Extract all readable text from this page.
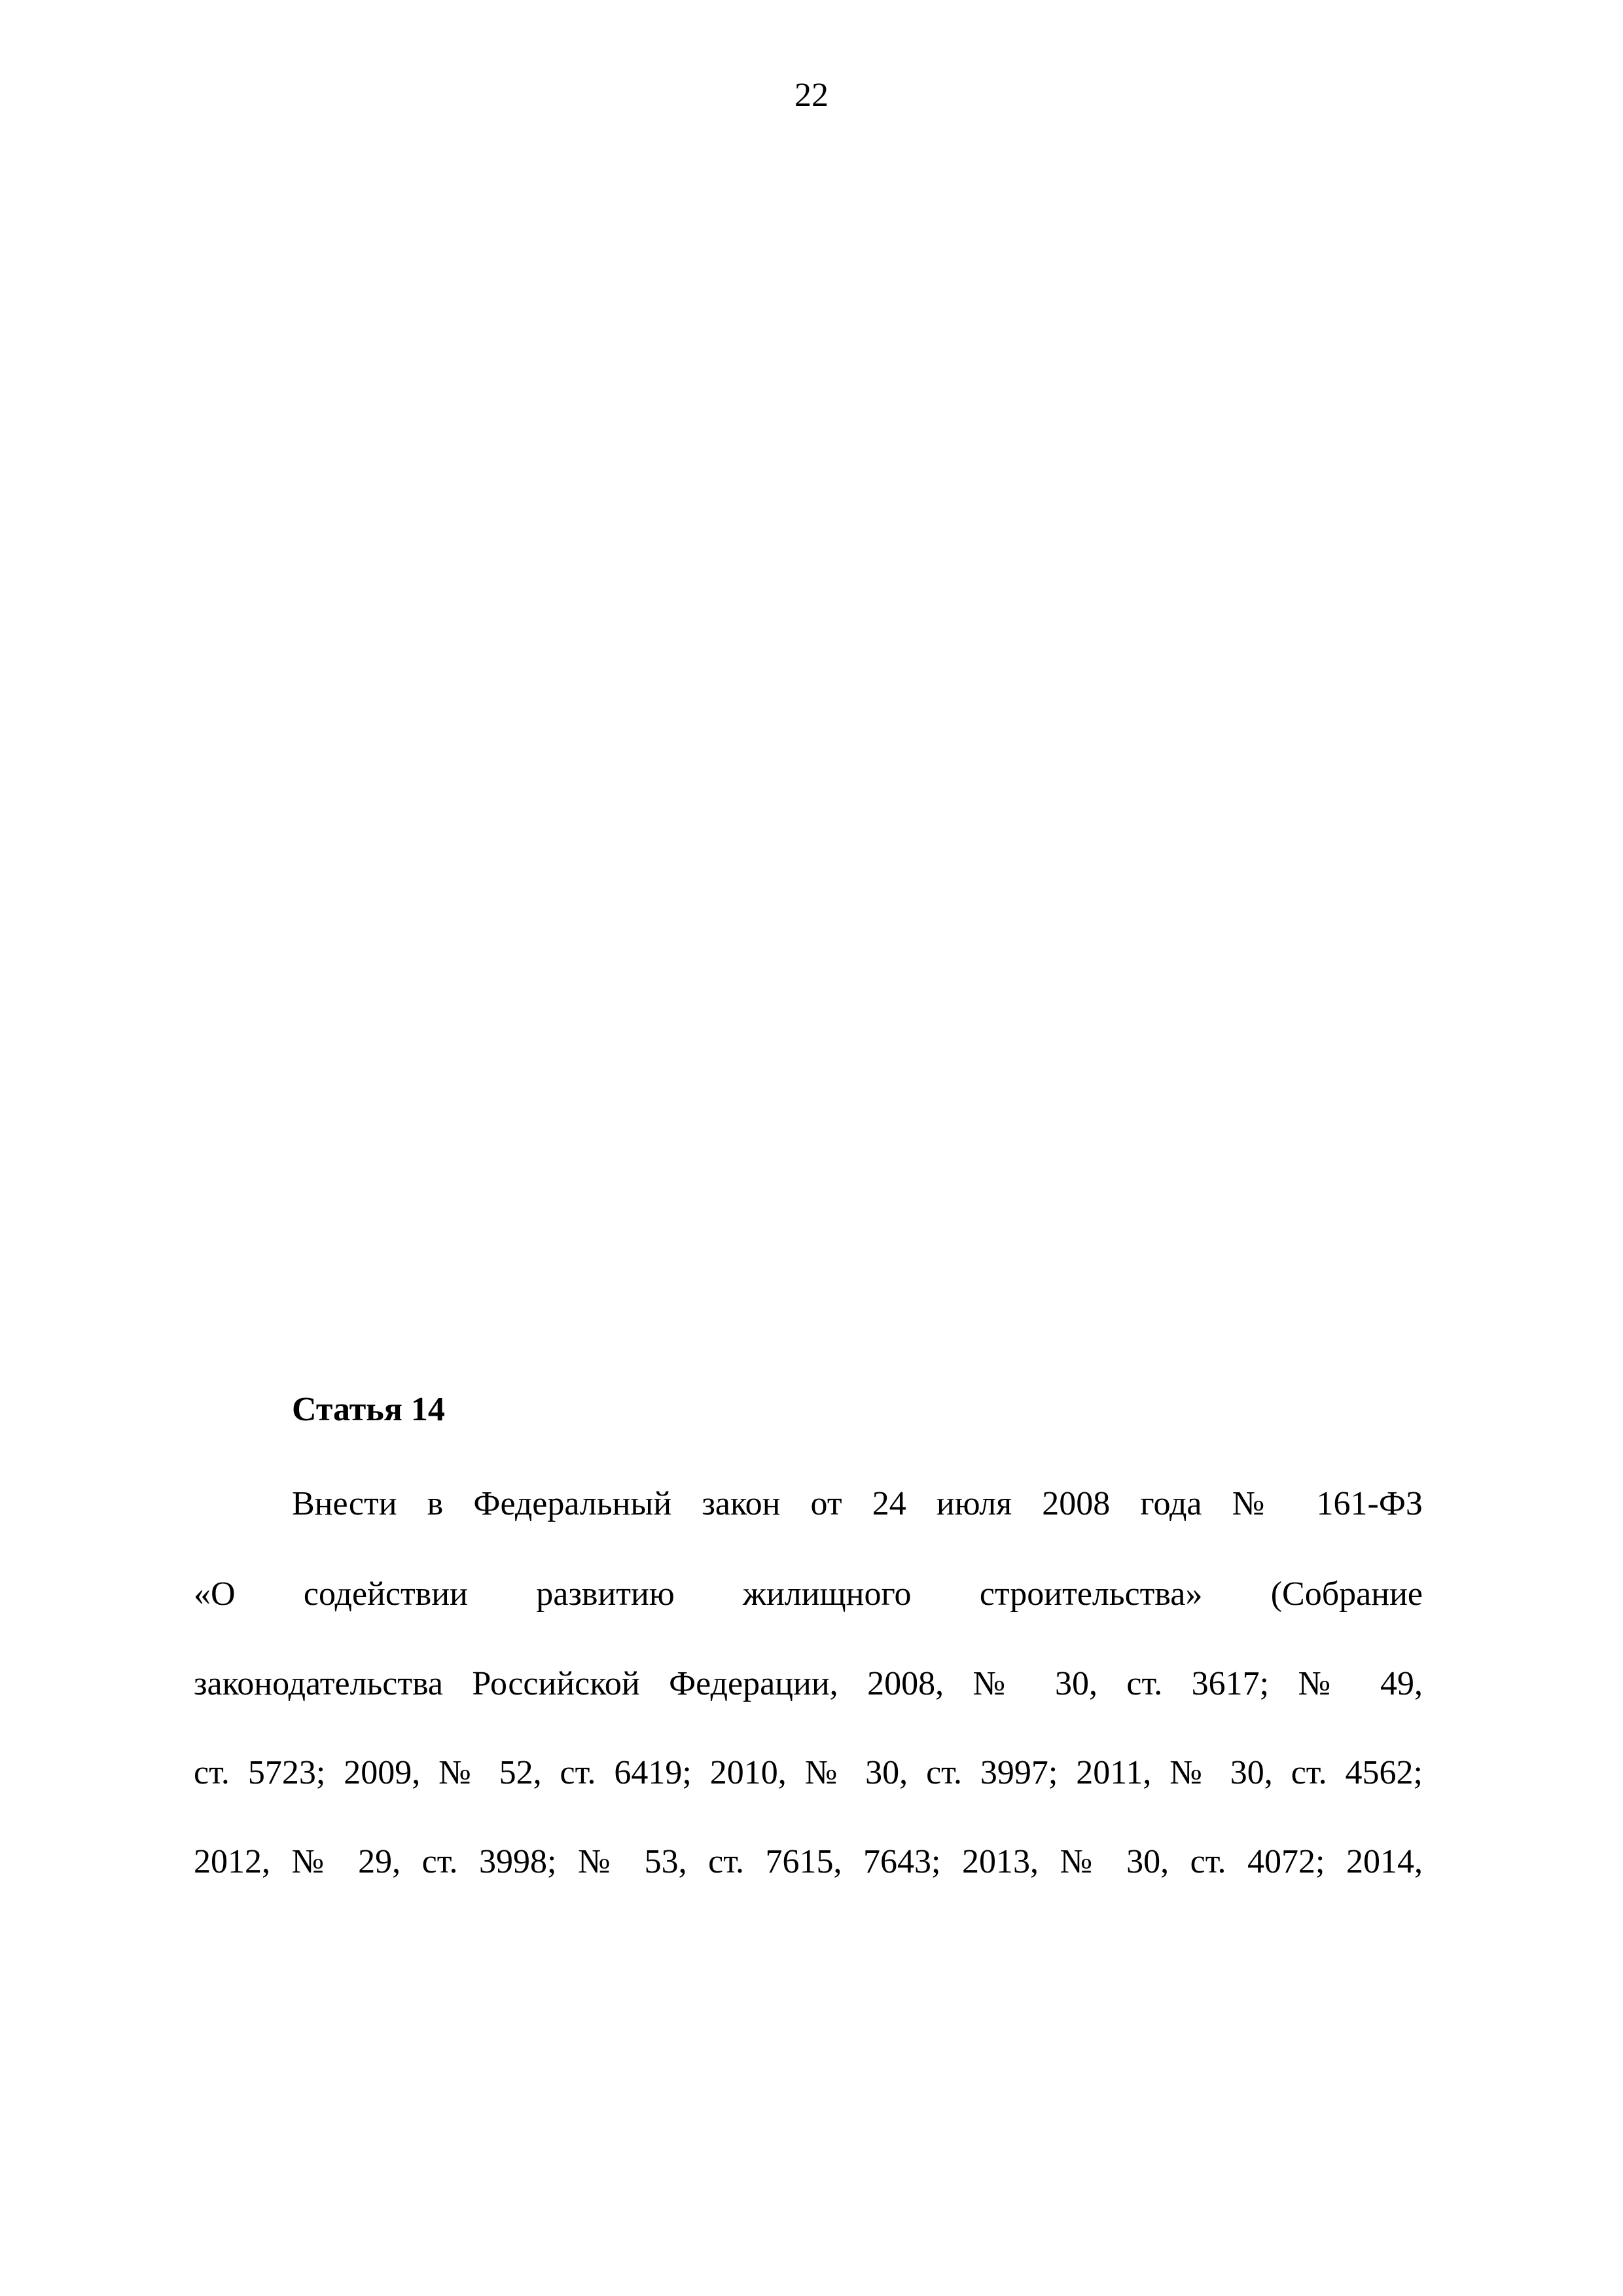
22
Статья 14
Внести в Федеральный закон от 24 июля 2008 года № 161-ФЗ
«О содействии развитию жилищного строительства» (Собрание
законодательства Российской Федерации, 2008, № 30, ст. 3617; № 49,
ст. 5723; 2009, № 52, ст. 6419; 2010, № 30, ст. 3997; 2011, № 30, ст. 4562;
2012, № 29, ст. 3998; № 53, ст. 7615, 7643; 2013, № 30, ст. 4072; 2014,
